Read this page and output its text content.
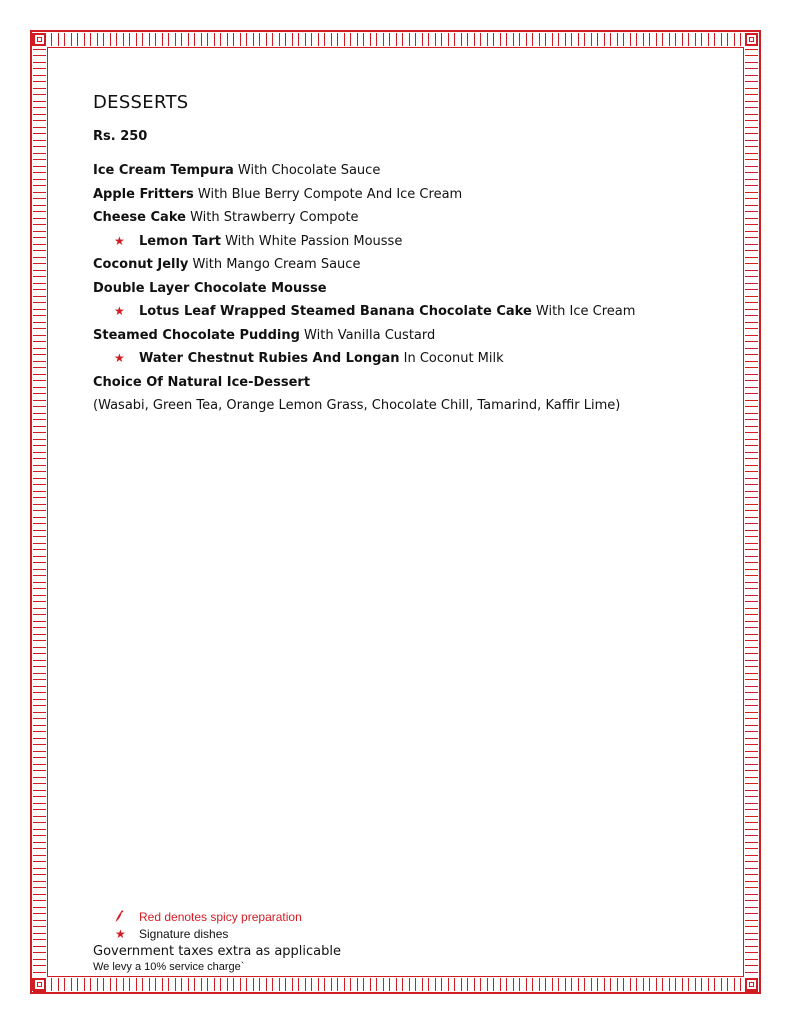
DESSERTS
Rs. 250
Ice Cream Tempura With Chocolate Sauce
Apple Fritters With Blue Berry Compote And Ice Cream
Cheese Cake With Strawberry Compote
★ Lemon Tart With White Passion Mousse
Coconut Jelly With Mango Cream Sauce
Double Layer Chocolate Mousse
★ Lotus Leaf Wrapped Steamed Banana Chocolate Cake With Ice Cream
Steamed Chocolate Pudding With Vanilla Custard
★ Water Chestnut Rubies And Longan In Coconut Milk
Choice Of Natural Ice-Dessert
(Wasabi, Green Tea, Orange Lemon Grass, Chocolate Chill, Tamarind, Kaffir Lime)
Red denotes spicy preparation
★ Signature dishes
Government taxes extra as applicable
We levy a 10% service charge`
